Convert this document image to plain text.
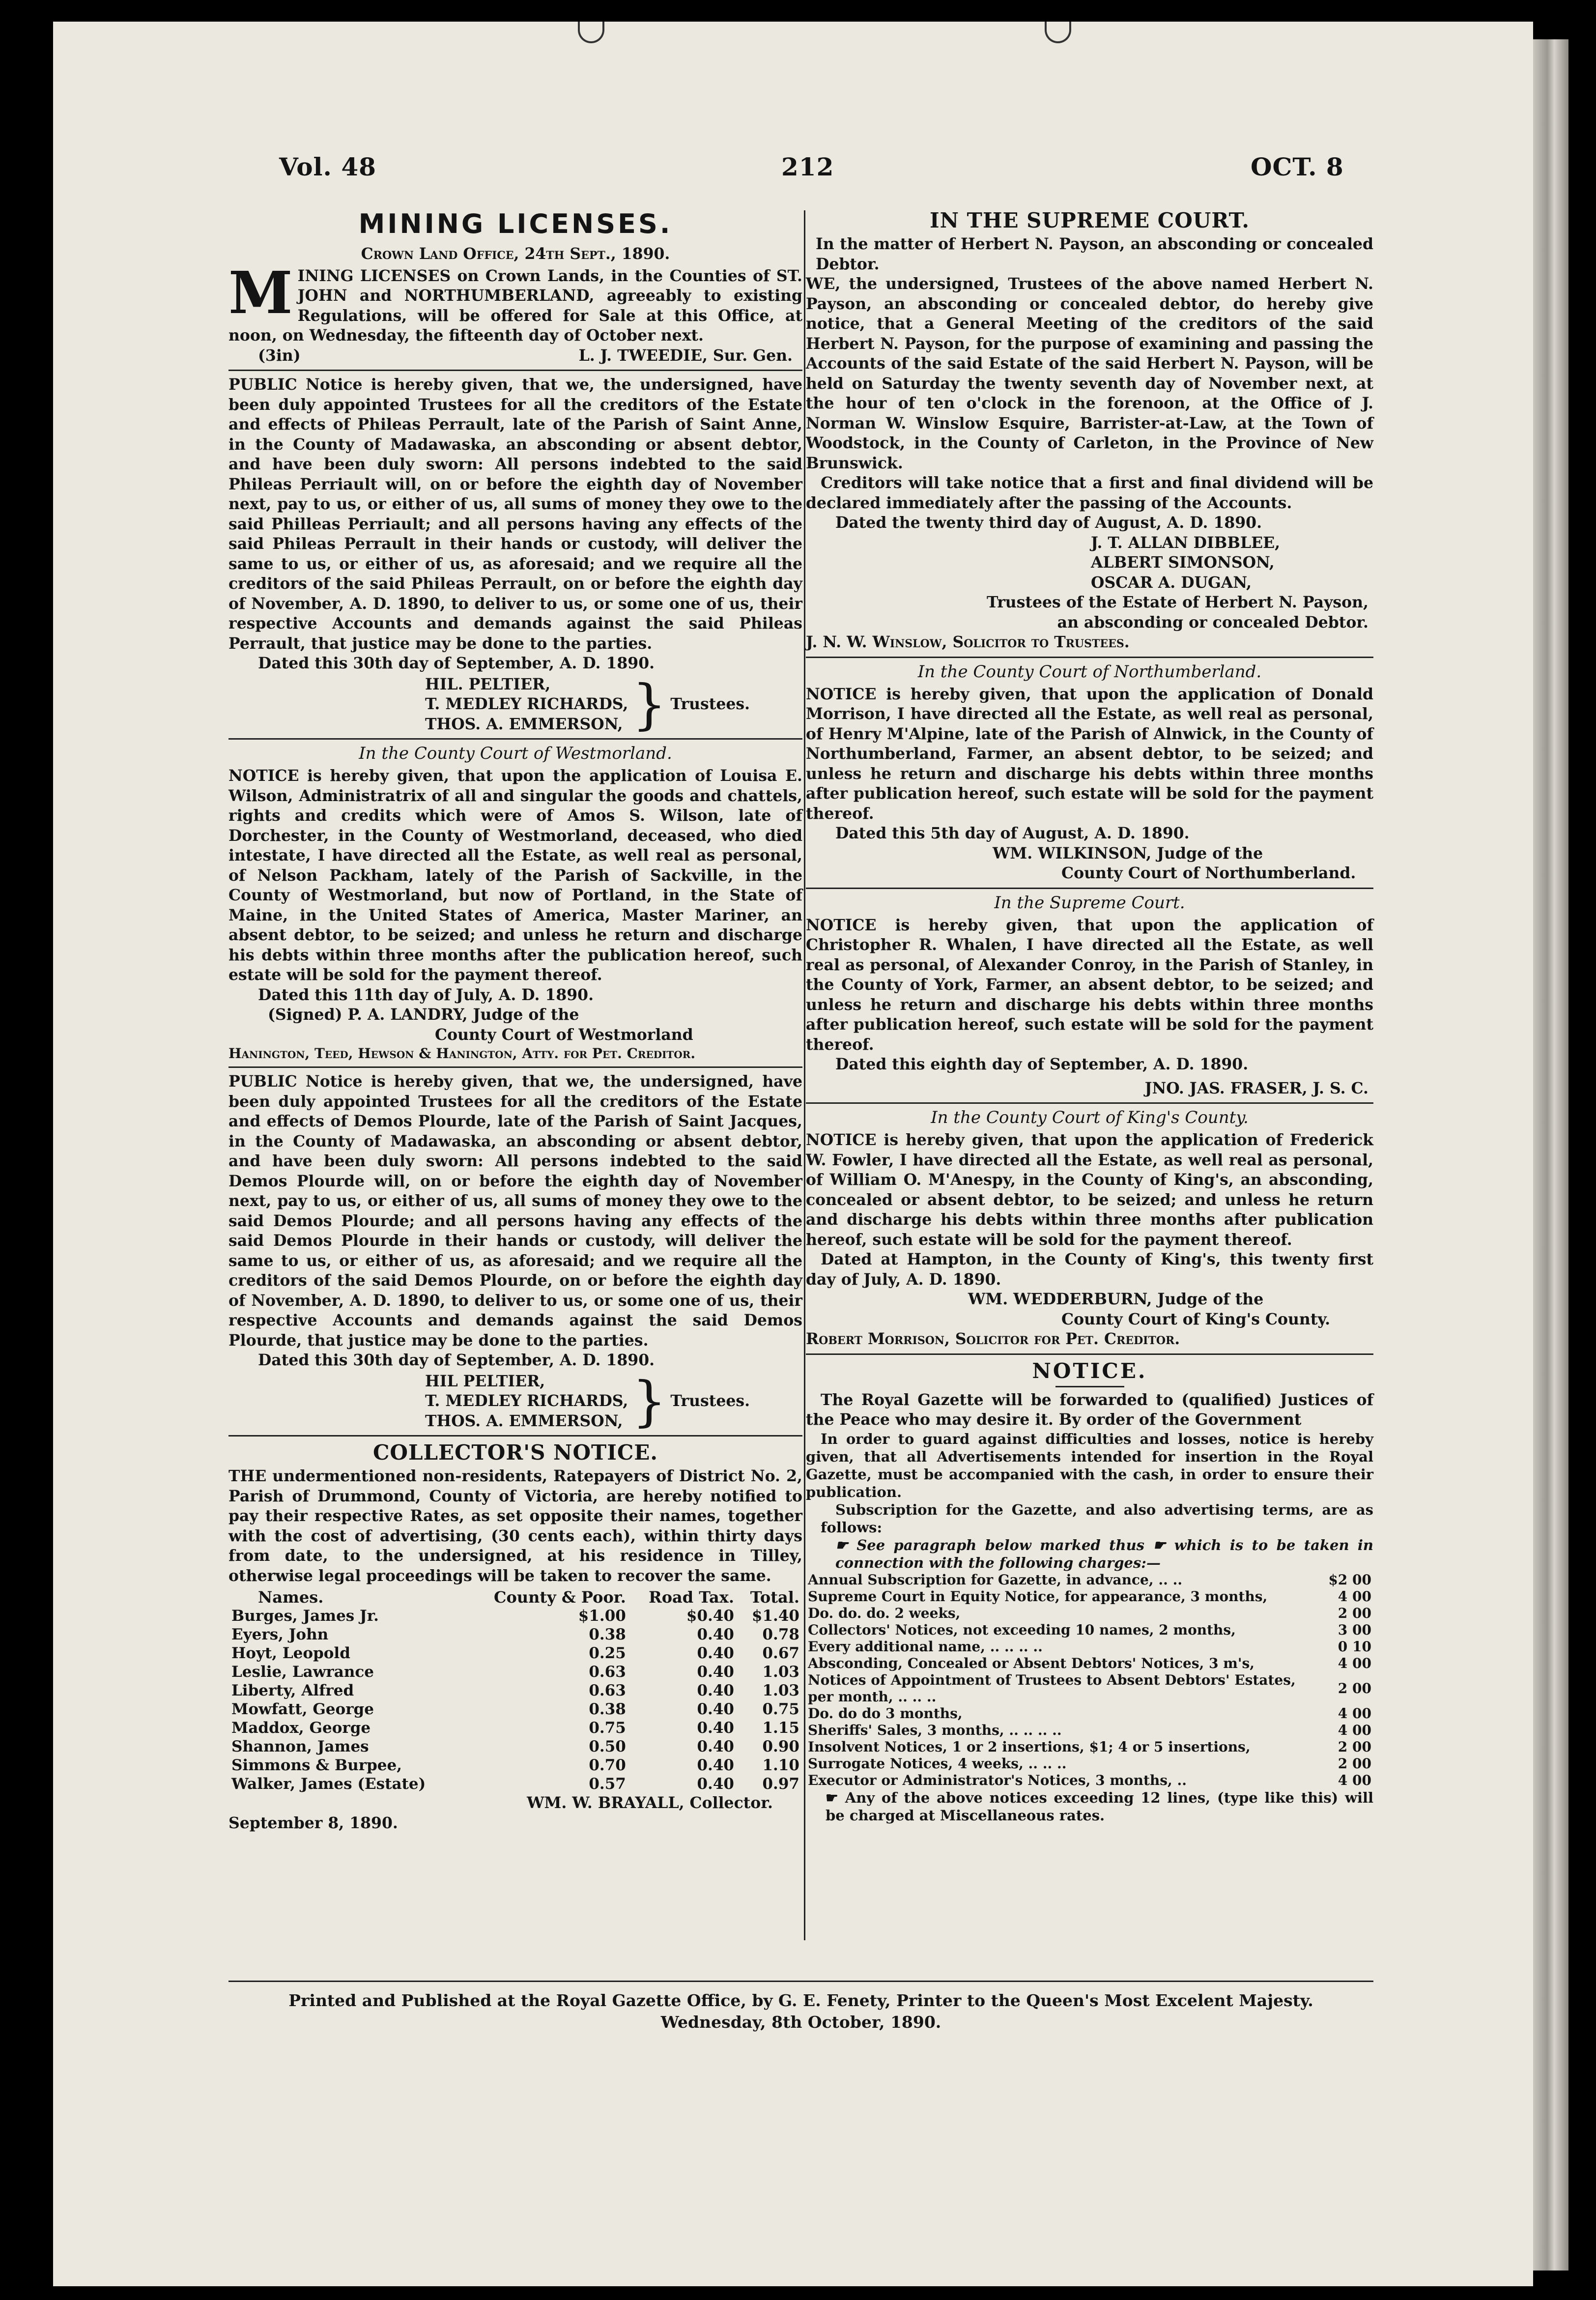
Vol. 48	212	OCT. 8
MINING LICENSES.

Crown Land Office, 24th Sept., 1890.

MINING LICENSES on Crown Lands, in the Counties of ST. JOHN and NORTHUMBERLAND, agreeably to existing Regulations, will be offered for Sale at this Office, at noon, on Wednesday, the fifteenth day of October next.

(3in)	L. J. TWEEDIE, Sur. Gen.

PUBLIC Notice is hereby given, that we, the undersigned, have been duly appointed Trustees for all the creditors of the Estate and effects of Phileas Perrault, late of the Parish of Saint Anne, in the County of Madawaska, an absconding or absent debtor, and have been duly sworn: All persons indebted to the said Phileas Perriault will, on or before the eighth day of November next, pay to us, or either of us, all sums of money they owe to the said Philleas Perriault; and all persons having any effects of the said Phileas Perrault in their hands or custody, will deliver the same to us, or either of us, as aforesaid; and we require all the creditors of the said Phileas Perrault, on or before the eighth day of November, A. D. 1890, to deliver to us, or some one of us, their respective Accounts and demands against the said Phileas Perrault, that justice may be done to the parties.

Dated this 30th day of September, A. D. 1890.

HIL. PELTIER,

T. MEDLEY RICHARDS,

THOS. A. EMMERSON, } Trustees.

In the County Court of Westmorland.

NOTICE is hereby given, that upon the application of Louisa E. Wilson, Administratrix of all and singular the goods and chattels, rights and credits which were of Amos S. Wilson, late of Dorchester, in the County of Westmorland, deceased, who died intestate, I have directed all the Estate, as well real as personal, of Nelson Packham, lately of the Parish of Sackville, in the County of Westmorland, but now of Portland, in the State of Maine, in the United States of America, Master Mariner, an absent debtor, to be seized; and unless he return and discharge his debts within three months after the publication hereof, such estate will be sold for the payment thereof.

Dated this 11th day of July, A. D. 1890.

(Signed) P. A. LANDRY, Judge of the

County Court of Westmorland

Hanington, Teed, Hewson & Hanington, Atty. for Pet. Creditor.

PUBLIC Notice is hereby given, that we, the undersigned, have been duly appointed Trustees for all the creditors of the Estate and effects of Demos Plourde, late of the Parish of Saint Jacques, in the County of Madawaska, an absconding or absent debtor, and have been duly sworn: All persons indebted to the said Demos Plourde will, on or before the eighth day of November next, pay to us, or either of us, all sums of money they owe to the said Demos Plourde; and all persons having any effects of the said Demos Plourde in their hands or custody, will deliver the same to us, or either of us, as aforesaid; and we require all the creditors of the said Demos Plourde, on or before the eighth day of November, A. D. 1890, to deliver to us, or some one of us, their respective Accounts and demands against the said Demos Plourde, that justice may be done to the parties.

Dated this 30th day of September, A. D. 1890.

HIL PELTIER,

T. MEDLEY RICHARDS,

THOS. A. EMMERSON, } Trustees.

COLLECTOR'S NOTICE.

THE undermentioned non-residents, Ratepayers of District No. 2, Parish of Drummond, County of Victoria, are hereby notified to pay their respective Rates, as set opposite their names, together with the cost of advertising, (30 cents each), within thirty days from date, to the undersigned, at his residence in Tilley, otherwise legal proceedings will be taken to recover the same.

Names.	County & Poor.	Road Tax.	Total.
Burges, James Jr.	$1.00	$0.40	$1.40
Eyers, John	0.38	0.40	0.78
Hoyt, Leopold	0.25	0.40	0.67
Leslie, Lawrance	0.63	0.40	1.03
Liberty, Alfred	0.63	0.40	1.03
Mowfatt, George	0.38	0.40	0.75
Maddox, George	0.75	0.40	1.15
Shannon, James	0.50	0.40	0.90
Simmons & Burpee,	0.70	0.40	1.10
Walker, James (Estate)	0.57	0.40	0.97

WM. W. BRAYALL, Collector.

September 8, 1890.

IN THE SUPREME COURT.

In the matter of Herbert N. Payson, an absconding or concealed Debtor.

WE, the undersigned, Trustees of the above named Herbert N. Payson, an absconding or concealed debtor, do hereby give notice, that a General Meeting of the creditors of the said Herbert N. Payson, for the purpose of examining and passing the Accounts of the said Estate of the said Herbert N. Payson, will be held on Saturday the twenty seventh day of November next, at the hour of ten o'clock in the forenoon, at the Office of J. Norman W. Winslow Esquire, Barrister-at-Law, at the Town of Woodstock, in the County of Carleton, in the Province of New Brunswick.

Creditors will take notice that a first and final dividend will be declared immediately after the passing of the Accounts.

Dated the twenty third day of August, A. D. 1890.

J. T. ALLAN DIBBLEE,

ALBERT SIMONSON,

OSCAR A. DUGAN,

Trustees of the Estate of Herbert N. Payson,

an absconding or concealed Debtor.

J. N. W. Winslow, Solicitor to Trustees.

In the County Court of Northumberland.

NOTICE is hereby given, that upon the application of Donald Morrison, I have directed all the Estate, as well real as personal, of Henry M'Alpine, late of the Parish of Alnwick, in the County of Northumberland, Farmer, an absent debtor, to be seized; and unless he return and discharge his debts within three months after publication hereof, such estate will be sold for the payment thereof.

Dated this 5th day of August, A. D. 1890.

WM. WILKINSON, Judge of the

County Court of Northumberland.

In the Supreme Court.

NOTICE is hereby given, that upon the application of Christopher R. Whalen, I have directed all the Estate, as well real as personal, of Alexander Conroy, in the Parish of Stanley, in the County of York, Farmer, an absent debtor, to be seized; and unless he return and discharge his debts within three months after publication hereof, such estate will be sold for the payment thereof.

Dated this eighth day of September, A. D. 1890.

JNO. JAS. FRASER, J. S. C.

In the County Court of King's County.

NOTICE is hereby given, that upon the application of Frederick W. Fowler, I have directed all the Estate, as well real as personal, of William O. M'Anespy, in the County of King's, an absconding, concealed or absent debtor, to be seized; and unless he return and discharge his debts within three months after publication hereof, such estate will be sold for the payment thereof.

Dated at Hampton, in the County of King's, this twenty first day of July, A. D. 1890.

WM. WEDDERBURN, Judge of the

County Court of King's County.

Robert Morrison, Solicitor for Pet. Creditor.

NOTICE.

The Royal Gazette will be forwarded to (qualified) Justices of the Peace who may desire it. By order of the Government

In order to guard against difficulties and losses, notice is hereby given, that all Advertisements intended for insertion in the Royal Gazette, must be accompanied with the cash, in order to ensure their publication.

Subscription for the Gazette, and also advertising terms, are as follows:

☛ See paragraph below marked thus ☛ which is to be taken in connection with the following charges:—

Annual Subscription for Gazette, in advance, .. ..	$2 00
Supreme Court in Equity Notice, for appearance, 3 months,	4 00
Do. do. do. 2 weeks,	2 00
Collectors' Notices, not exceeding 10 names, 2 months,	3 00
Every additional name, .. .. .. ..	0 10
Absconding, Concealed or Absent Debtors' Notices, 3 m's,	4 00
Notices of Appointment of Trustees to Absent Debtors' Estates, per month, .. .. ..	2 00
Do. do do 3 months,	4 00
Sheriffs' Sales, 3 months, .. .. .. ..	4 00
Insolvent Notices, 1 or 2 insertions, $1; 4 or 5 insertions,	2 00
Surrogate Notices, 4 weeks, .. .. ..	2 00
Executor or Administrator's Notices, 3 months, ..	4 00

☛ Any of the above notices exceeding 12 lines, (type like this) will be charged at Miscellaneous rates.

Printed and Published at the Royal Gazette Office, by G. E. Fenety, Printer to the Queen's Most Excelent Majesty.
Wednesday, 8th October, 1890.
